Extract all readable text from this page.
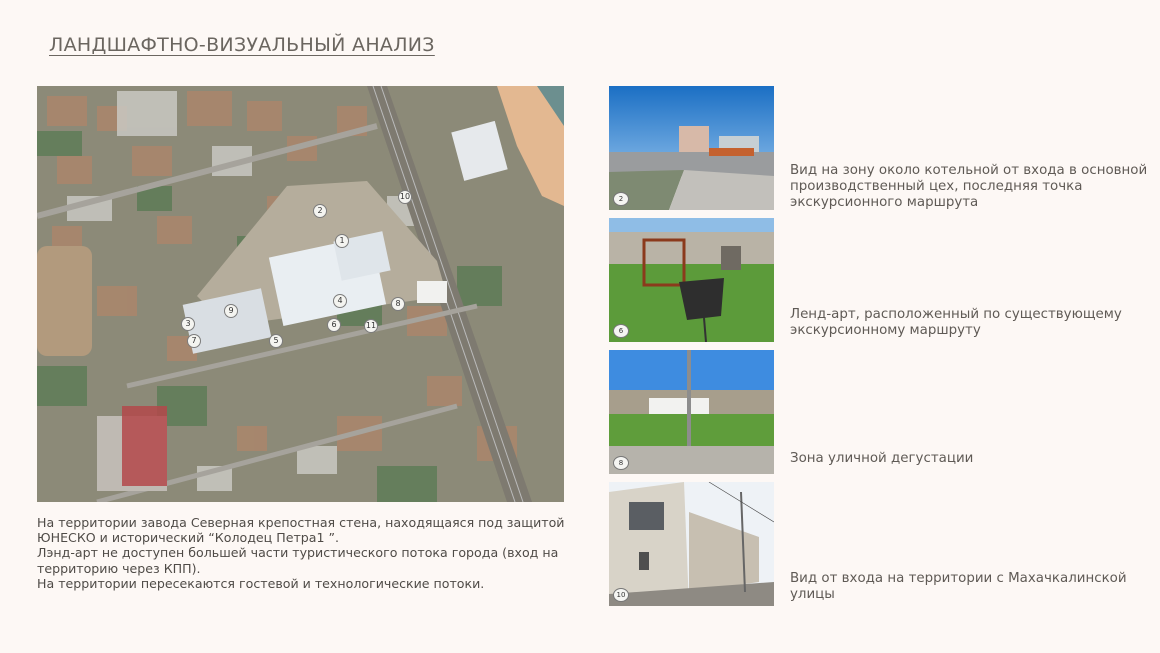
ЛАНДШАФТНО-ВИЗУАЛЬНЫЙ АНАЛИЗ
1
2
3
4
5
6
7
8
9
10
11
На территории завода Северная крепостная стена, находящаяся под защитой ЮНЕСКО и исторический “Колодец Петра1 ”.
Лэнд-арт не доступен большей части туристического потока города (вход на территорию через КПП).
На территории пересекаются гостевой и технологические потоки.
2
Вид на зону около котельной от входа в основной производственный цех, последняя точка экскурсионного маршрута
6
Ленд-арт, расположенный по существующему экскурсионному маршруту
8	Зона уличной дегустации
10
Вид от входа на территории с Махачкалинской улицы
